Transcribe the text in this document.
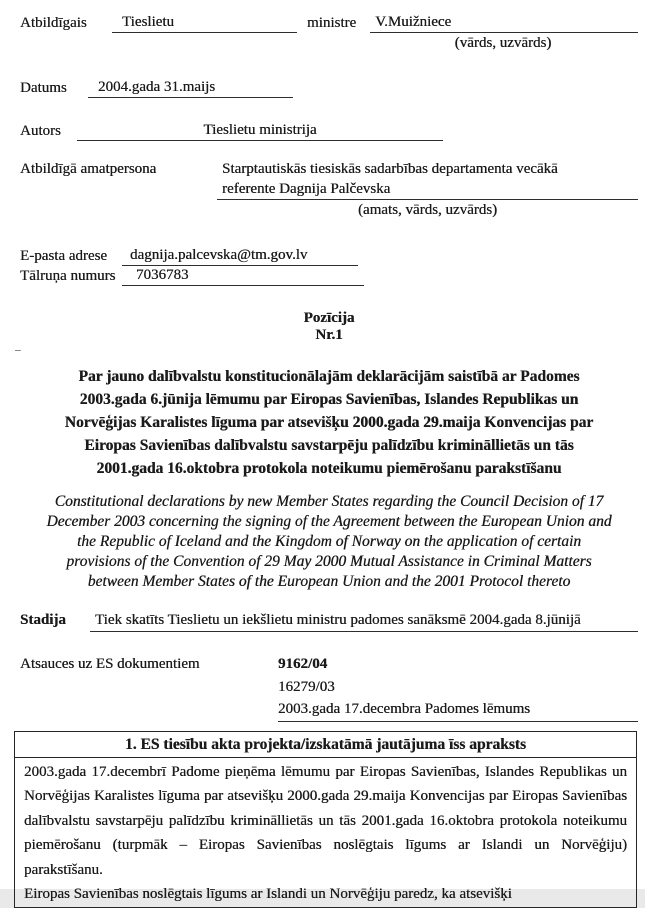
–
Atbildīgais	Tieslietu	ministre	V.Muižniece
(vārds, uzvārds)
Datums	2004.gada 31.maijs
Autors	Tieslietu ministrija
Atbildīgā amatpersona	Starptautiskās tiesiskās sadarbības departamenta vecākā
referente Dagnija Palčevska
(amats, vārds, uzvārds)
E-pasta adrese	dagnija.palcevska@tm.gov.lv
Tālruņa numurs	7036783
Pozīcija
Nr.1
Par jauno dalībvalstu konstitucionālajām deklarācijām saistībā ar Padomes 2003.gada 6.jūnija lēmumu par Eiropas Savienības, Islandes Republikas un Norvēģijas Karalistes līguma par atsevišķu 2000.gada 29.maija Konvencijas par Eiropas Savienības dalībvalstu savstarpēju palīdzību krimināllietās un tās 2001.gada 16.oktobra protokola noteikumu piemērošanu parakstīšanu
Constitutional declarations by new Member States regarding the Council Decision of 17 December 2003 concerning the signing of the Agreement between the European Union and the Republic of Iceland and the Kingdom of Norway on the application of certain provisions of the Convention of 29 May 2000 Mutual Assistance in Criminal Matters between Member States of the European Union and the 2001 Protocol thereto
Stadija	Tiek skatīts Tieslietu un iekšlietu ministru padomes sanāksmē 2004.gada 8.jūnijā
Atsauces uz ES dokumentiem	9162/04
16279/03
2003.gada 17.decembra Padomes lēmums
1. ES tiesību akta projekta/izskatāmā jautājuma īss apraksts
2003.gada 17.decembrī Padome pieņēma lēmumu par Eiropas Savienības, Islandes Republikas un Norvēģijas Karalistes līguma par atsevišķu 2000.gada 29.maija Konvencijas par Eiropas Savienības dalībvalstu savstarpēju palīdzību krimināllietās un tās 2001.gada 16.oktobra protokola noteikumu piemērošanu (turpmāk – Eiropas Savienības noslēgtais līgums ar Islandi un Norvēģiju) parakstīšanu.
Eiropas Savienības noslēgtais līgums ar Islandi un Norvēģiju paredz, ka atsevišķi
